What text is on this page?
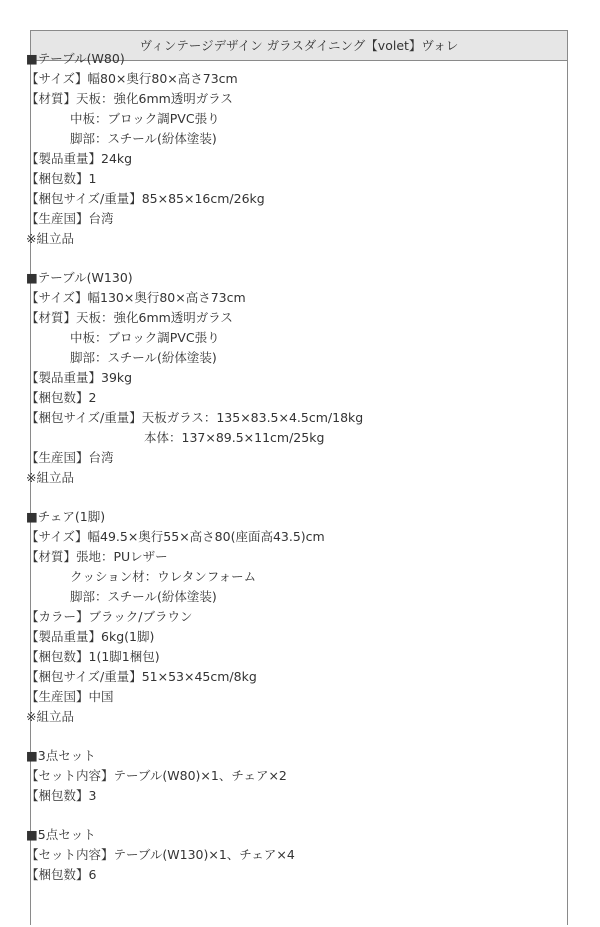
ヴィンテージデザイン ガラスダイニング【volet】ヴォレ
■テーブル(W80)
【サイズ】幅80×奥行80×高さ73cm
【材質】天板：強化6mm透明ガラス
中板：ブロック調PVC張り
脚部：スチール(紛体塗装)
【製品重量】24kg
【梱包数】1
【梱包サイズ/重量】85×85×16cm/26kg
【生産国】台湾
※組立品
■テーブル(W130)
【サイズ】幅130×奥行80×高さ73cm
【材質】天板：強化6mm透明ガラス
中板：ブロック調PVC張り
脚部：スチール(紛体塗装)
【製品重量】39kg
【梱包数】2
【梱包サイズ/重量】天板ガラス：135×83.5×4.5cm/18kg
本体：137×89.5×11cm/25kg
【生産国】台湾
※組立品
■チェア(1脚)
【サイズ】幅49.5×奥行55×高さ80(座面高43.5)cm
【材質】張地：PUレザー
クッション材：ウレタンフォーム
脚部：スチール(紛体塗装)
【カラー】ブラック/ブラウン
【製品重量】6kg(1脚)
【梱包数】1(1脚1梱包)
【梱包サイズ/重量】51×53×45cm/8kg
【生産国】中国
※組立品
■3点セット
【セット内容】テーブル(W80)×1、チェア×2
【梱包数】3
■5点セット
【セット内容】テーブル(W130)×1、チェア×4
【梱包数】6
